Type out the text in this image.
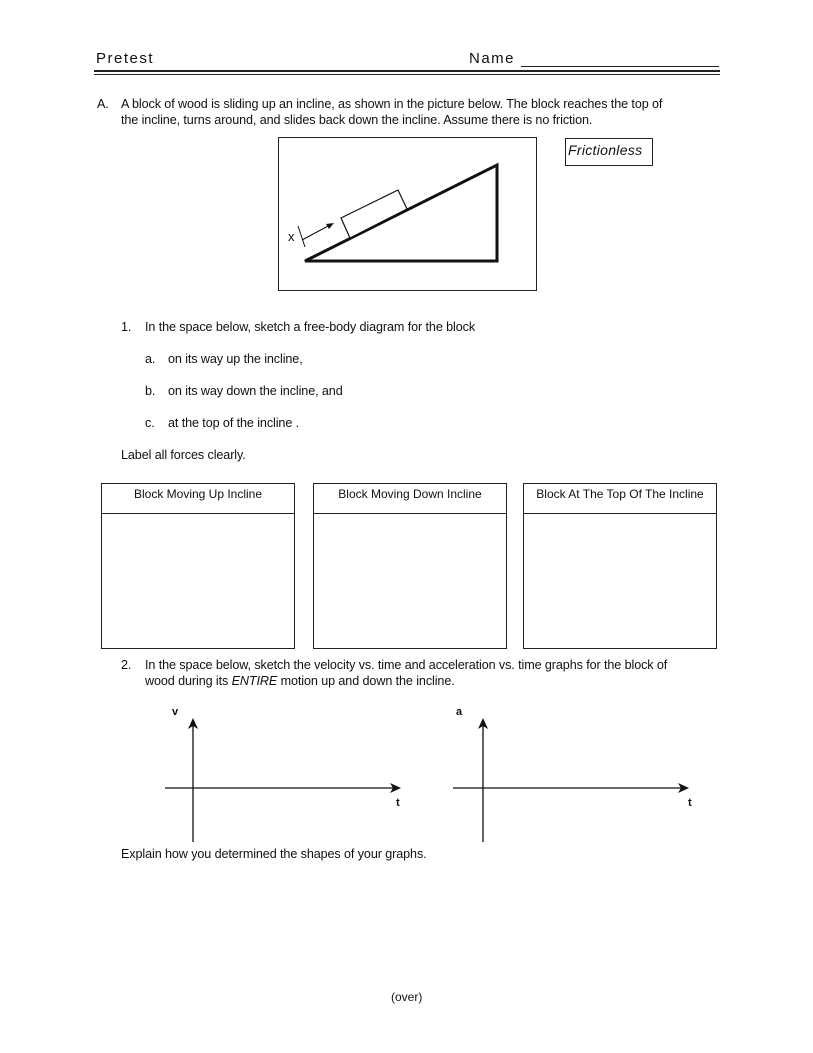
Pretest	Name
A. A block of wood is sliding up an incline, as shown in the picture below. The block reaches the top of
the incline, turns around, and slides back down the incline. Assume there is no friction.
x
Frictionless
1. In the space below, sketch a free-body diagram for the block
a. on its way up the incline,
b. on its way down the incline, and
c. at the top of the incline .
Label all forces clearly.
Block Moving Up Incline	Block Moving Down Incline	Block At The Top Of The Incline
2. In the space below, sketch the velocity vs. time and acceleration vs. time graphs for the block of
wood during its ENTIRE motion up and down the incline.
v
t
a
t
Explain how you determined the shapes of your graphs.
(over)
